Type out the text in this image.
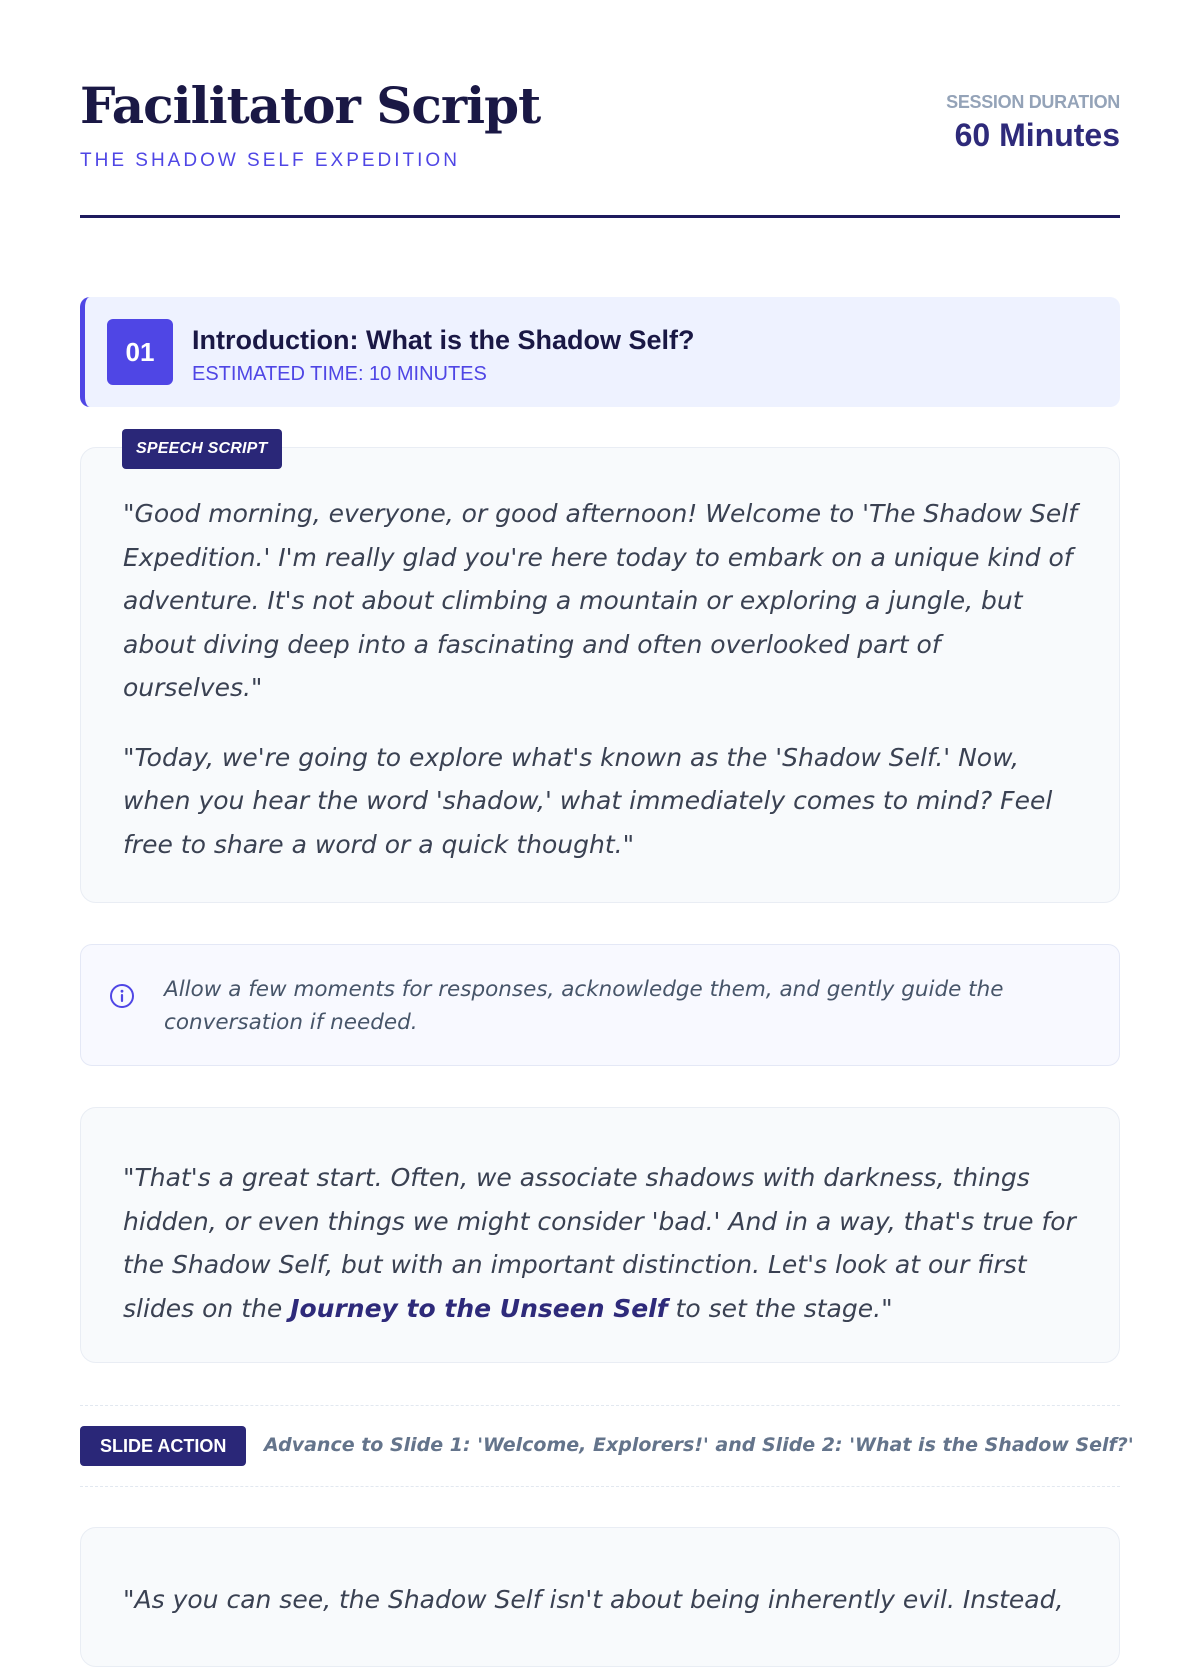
Facilitator Script
THE SHADOW SELF EXPEDITION
SESSION DURATION
60 Minutes
01	Introduction: What is the Shadow Self?
ESTIMATED TIME: 10 MINUTES
SPEECH SCRIPT

"Good morning, everyone, or good afternoon! Welcome to 'The Shadow Self Expedition.' I'm really glad you're here today to embark on a unique kind of adventure. It's not about climbing a mountain or exploring a jungle, but about diving deep into a fascinating and often overlooked part of ourselves."

"Today, we're going to explore what's known as the 'Shadow Self.' Now, when you hear the word 'shadow,' what immediately comes to mind? Feel free to share a word or a quick thought."

Allow a few moments for responses, acknowledge them, and gently guide the conversation if needed.

"That's a great start. Often, we associate shadows with darkness, things hidden, or even things we might consider 'bad.' And in a way, that's true for the Shadow Self, but with an important distinction. Let's look at our first slides on the Journey to the Unseen Self to set the stage."

SLIDE ACTION	Advance to Slide 1: 'Welcome, Explorers!' and Slide 2: 'What is the Shadow Self?'

"As you can see, the Shadow Self isn't about being inherently evil. Instead,
